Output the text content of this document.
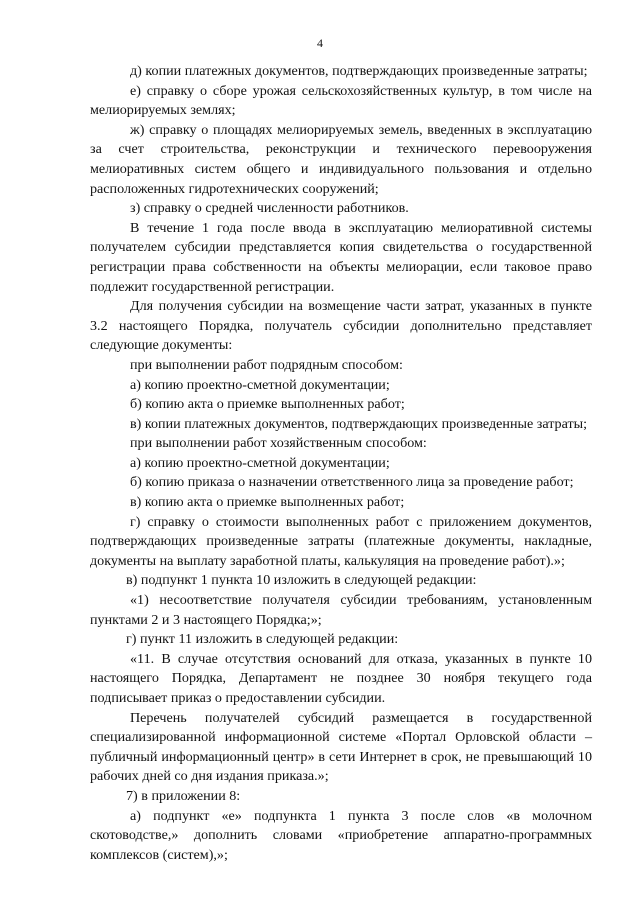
4

д) копии платежных документов, подтверждающих произведенные затраты;

е) справку о сборе урожая сельскохозяйственных культур, в том числе на мелиорируемых землях;

ж) справку о площадях мелиорируемых земель, введенных в эксплуатацию за счет строительства, реконструкции и технического перевооружения мелиоративных систем общего и индивидуального пользования и отдельно расположенных гидротехнических сооружений;

з) справку о средней численности работников.

В течение 1 года после ввода в эксплуатацию мелиоративной системы получателем субсидии представляется копия свидетельства о государственной регистрации права собственности на объекты мелиорации, если таковое право подлежит государственной регистрации.

Для получения субсидии на возмещение части затрат, указанных в пункте 3.2 настоящего Порядка, получатель субсидии дополнительно представляет следующие документы:

при выполнении работ подрядным способом:

а) копию проектно-сметной документации;

б) копию акта о приемке выполненных работ;

в) копии платежных документов, подтверждающих произведенные затраты;

при выполнении работ хозяйственным способом:

а) копию проектно-сметной документации;

б) копию приказа о назначении ответственного лица за проведение работ;

в) копию акта о приемке выполненных работ;

г) справку о стоимости выполненных работ с приложением документов, подтверждающих произведенные затраты (платежные документы, накладные, документы на выплату заработной платы, калькуляция на проведение работ).»;

в) подпункт 1 пункта 10 изложить в следующей редакции:

«1) несоответствие получателя субсидии требованиям, установленным пунктами 2 и 3 настоящего Порядка;»;

г) пункт 11 изложить в следующей редакции:

«11. В случае отсутствия оснований для отказа, указанных в пункте 10 настоящего Порядка, Департамент не позднее 30 ноября текущего года подписывает приказ о предоставлении субсидии.

Перечень получателей субсидий размещается в государственной специализированной информационной системе «Портал Орловской области – публичный информационный центр» в сети Интернет в срок, не превышающий 10 рабочих дней со дня издания приказа.»;

7) в приложении 8:

а) подпункт «е» подпункта 1 пункта 3 после слов «в молочном скотоводстве,» дополнить словами «приобретение аппаратно-программных комплексов (систем),»;
